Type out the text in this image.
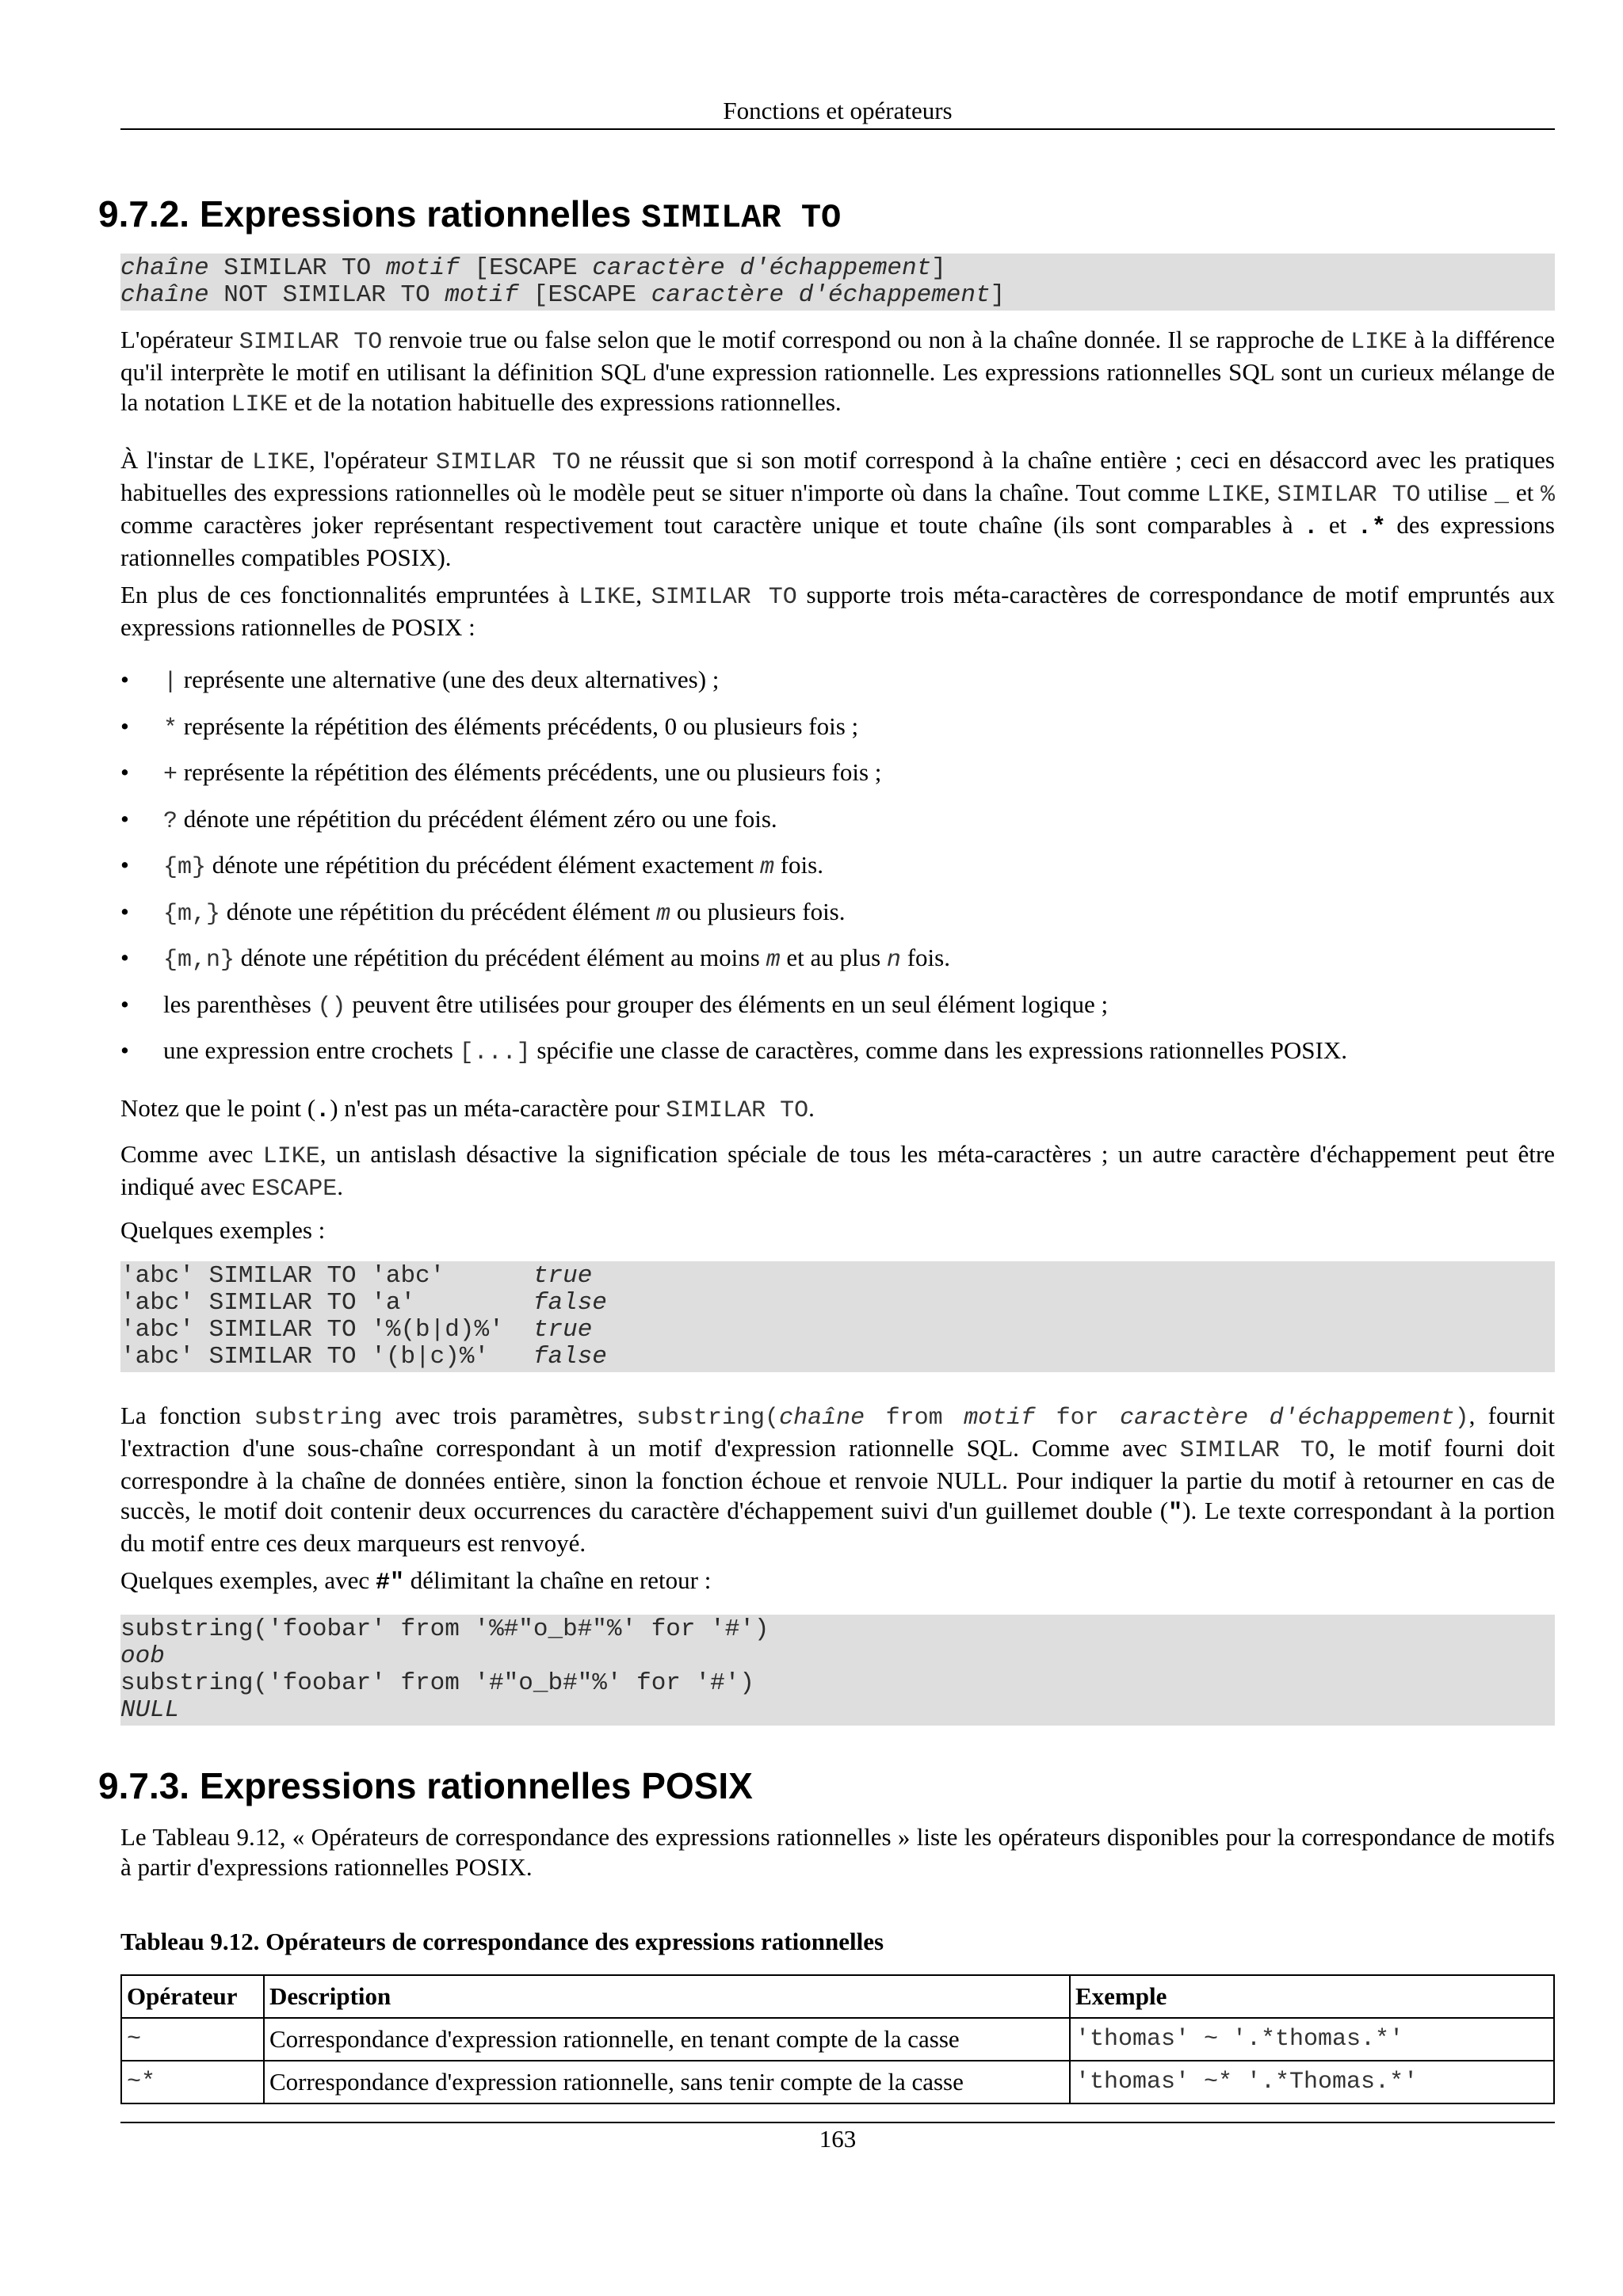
Fonctions et opérateurs
9.7.2. Expressions rationnelles SIMILAR TO
chaîne SIMILAR TO motif [ESCAPE caractère d'échappement]
chaîne NOT SIMILAR TO motif [ESCAPE caractère d'échappement]

L'opérateur SIMILAR TO renvoie true ou false selon que le motif correspond ou non à la chaîne donnée. Il se rapproche de LIKE à la différence qu'il interprète le motif en utilisant la définition SQL d'une expression rationnelle. Les expressions rationnelles SQL sont un curieux mélange de la notation LIKE et de la notation habituelle des expressions rationnelles.

À l'instar de LIKE, l'opérateur SIMILAR TO ne réussit que si son motif correspond à la chaîne entière ; ceci en désaccord avec les pratiques habituelles des expressions rationnelles où le modèle peut se situer n'importe où dans la chaîne. Tout comme LIKE, SIMILAR TO utilise _ et % comme caractères joker représentant respectivement tout caractère unique et toute chaîne (ils sont comparables à . et .* des expressions rationnelles compatibles POSIX).

En plus de ces fonctionnalités empruntées à LIKE, SIMILAR TO supporte trois méta-caractères de correspondance de motif empruntés aux expressions rationnelles de POSIX :

• | représente une alternative (une des deux alternatives) ;
• * représente la répétition des éléments précédents, 0 ou plusieurs fois ;
• + représente la répétition des éléments précédents, une ou plusieurs fois ;
• ? dénote une répétition du précédent élément zéro ou une fois.
• {m} dénote une répétition du précédent élément exactement m fois.
• {m,} dénote une répétition du précédent élément m ou plusieurs fois.
• {m,n} dénote une répétition du précédent élément au moins m et au plus n fois.
• les parenthèses () peuvent être utilisées pour grouper des éléments en un seul élément logique ;
• une expression entre crochets [...] spécifie une classe de caractères, comme dans les expressions rationnelles POSIX.

Notez que le point (.) n'est pas un méta-caractère pour SIMILAR TO.

Comme avec LIKE, un antislash désactive la signification spéciale de tous les méta-caractères ; un autre caractère d'échappement peut être indiqué avec ESCAPE.

Quelques exemples :

'abc' SIMILAR TO 'abc'      true
'abc' SIMILAR TO 'a'        false
'abc' SIMILAR TO '%(b|d)%'  true
'abc' SIMILAR TO '(b|c)%'   false

La fonction substring avec trois paramètres, substring(chaîne from motif for caractère d'échappement), fournit l'extraction d'une sous-chaîne correspondant à un motif d'expression rationnelle SQL. Comme avec SIMILAR TO, le motif fourni doit correspondre à la chaîne de données entière, sinon la fonction échoue et renvoie NULL. Pour indiquer la partie du motif à retourner en cas de succès, le motif doit contenir deux occurrences du caractère d'échappement suivi d'un guillemet double ("). Le texte correspondant à la portion du motif entre ces deux marqueurs est renvoyé.

Quelques exemples, avec #" délimitant la chaîne en retour :

substring('foobar' from '%#"o_b#"%' for '#')
oob
substring('foobar' from '#"o_b#"%' for '#')
NULL
9.7.3. Expressions rationnelles POSIX

Le Tableau 9.12, « Opérateurs de correspondance des expressions rationnelles » liste les opérateurs disponibles pour la correspondance de motifs à partir d'expressions rationnelles POSIX.

Tableau 9.12. Opérateurs de correspondance des expressions rationnelles
Opérateur	Description	Exemple
~	Correspondance d'expression rationnelle, en tenant compte de la casse	'thomas' ~ '.*thomas.*'
~*	Correspondance d'expression rationnelle, sans tenir compte de la casse	'thomas' ~* '.*Thomas.*'
163
